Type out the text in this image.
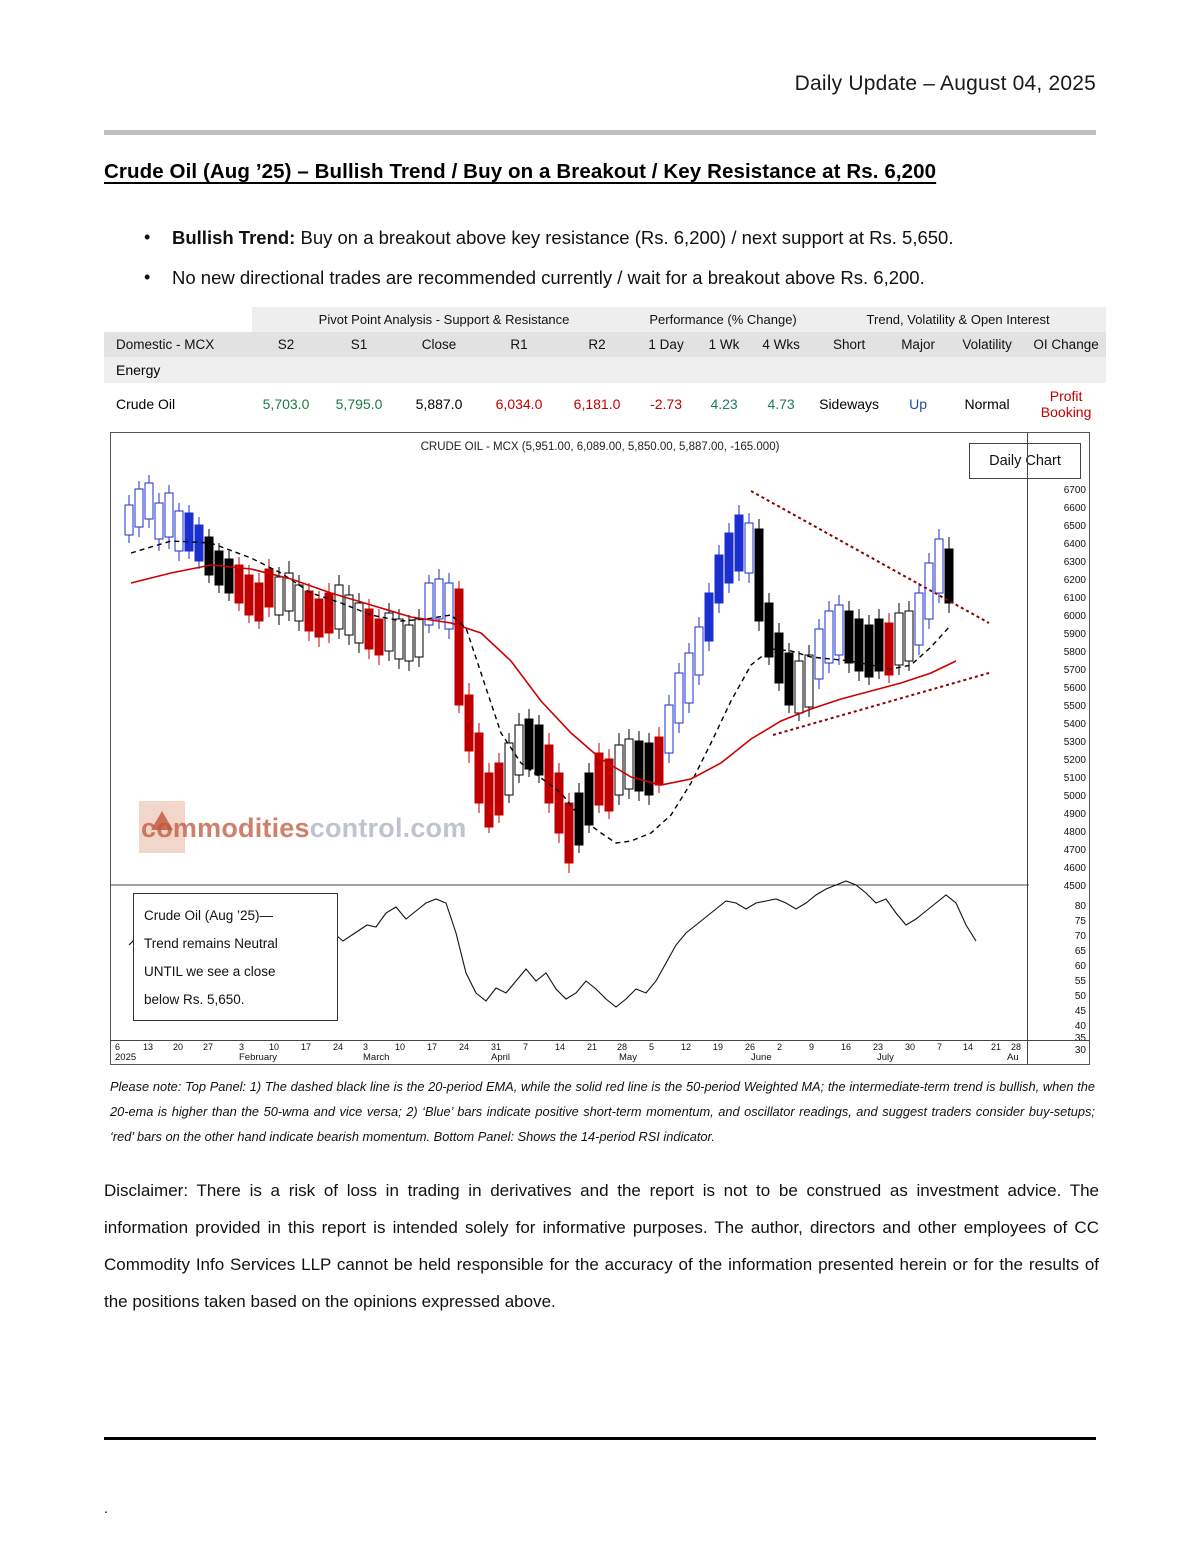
Daily Update – August 04, 2025
Crude Oil (Aug ’25) – Bullish Trend / Buy on a Breakout / Key Resistance at Rs. 6,200
• Bullish Trend: Buy on a breakout above key resistance (Rs. 6,200) / next support at Rs. 5,650.
• No new directional trades are recommended currently / wait for a breakout above Rs. 6,200.
	Pivot Point Analysis - Support & Resistance					Performance (% Change)			Trend, Volatility & Open Interest			
Domestic - MCX	S2	S1	Close	R1	R2	1 Day	1 Wk	4 Wks	Short	Major	Volatility	OI Change
Energy												
Crude Oil	5,703.0	5,795.0	5,887.0	6,034.0	6,181.0	-2.73	4.23	4.73	Sideways	Up	Normal	Profit Booking
CRUDE OIL - MCX (5,951.00, 6,089.00, 5,850.00, 5,887.00, -165.000)
Daily Chart
commoditiescontrol.com
6700
6600
6500
6400
6300
6200
6100
6000
5900
5800
5700
5600
5500
5400
5300
5200
5100
5000
4900
4800
4700
4600
4500
80
75
70
65
60
55
50
45
40
35
30
Crude Oil (Aug ’25)—
Trend remains Neutral
UNTIL we see a close
below Rs. 5,650.
2025	February	March	April	May	June	July	Au
6	13 20 27	3	10 17 24 3	10 17 24 31 7	14 21 28 5	12 19 26 2	9	16 23 30 7 14 21 28
Please note: Top Panel: 1) The dashed black line is the 20-period EMA, while the solid red line is the 50-period Weighted MA; the intermediate-term trend is bullish, when the 20-ema is higher than the 50-wma and vice versa; 2) ‘Blue’ bars indicate positive short-term momentum, and oscillator readings, and suggest traders consider buy-setups; ‘red’ bars on the other hand indicate bearish momentum. Bottom Panel: Shows the 14-period RSI indicator.
Disclaimer: There is a risk of loss in trading in derivatives and the report is not to be construed as investment advice. The information provided in this report is intended solely for informative purposes. The author, directors and other employees of CC Commodity Info Services LLP cannot be held responsible for the accuracy of the information presented herein or for the results of the positions taken based on the opinions expressed above.
.
